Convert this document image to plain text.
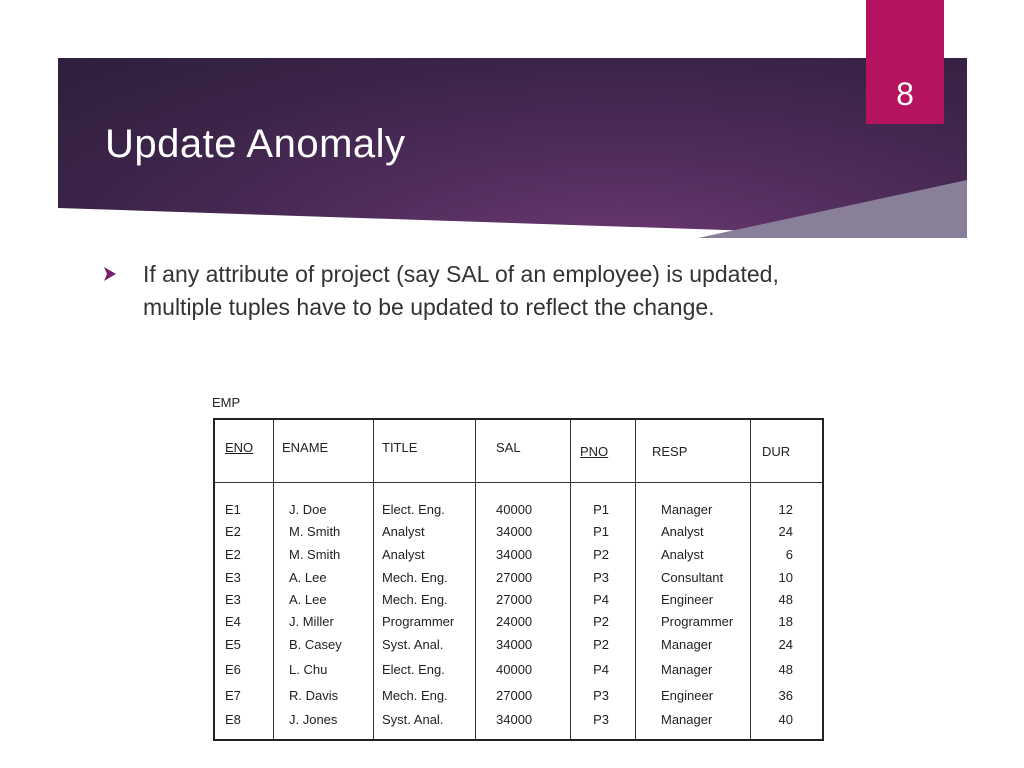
8
Update Anomaly
If any attribute of project (say SAL of an employee) is updated, multiple tuples have to be updated to reflect the change.
EMP
ENO ENAME	TITLE	SAL	PNO	RESP	DUR
E1	J. Doe	Elect. Eng.	40000	P1	Manager	12
E2	M. Smith	Analyst	34000	P1	Analyst	24
E2	M. Smith	Analyst	34000	P2	Analyst	6
E3	A. Lee	Mech. Eng.	27000	P3	Consultant	10
E3	A. Lee	Mech. Eng.	27000	P4	Engineer	48
E4	J. Miller	Programmer	24000	P2	Programmer	18
E5	B. Casey	Syst. Anal.	34000	P2	Manager	24
E6	L. Chu	Elect. Eng.	40000	P4	Manager	48
E7	R. Davis	Mech. Eng.	27000	P3	Engineer	36
E8	J. Jones	Syst. Anal.	34000	P3	Manager	40
